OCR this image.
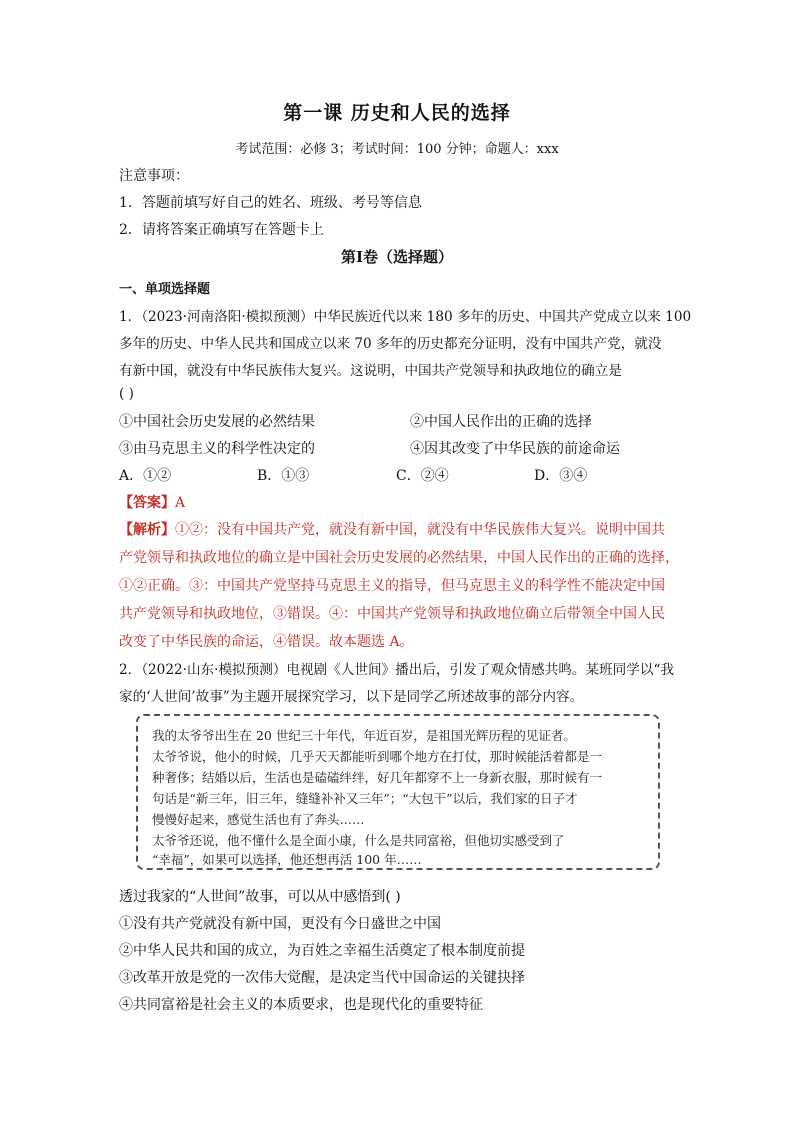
第一课 历史和人民的选择
考试范围：必修 3；考试时间：100 分钟；命题人：xxx
注意事项：
1．答题前填写好自己的姓名、班级、考号等信息
2．请将答案正确填写在答题卡上
第Ⅰ卷（选择题）
一、单项选择题
1．（2023·河南洛阳·模拟预测）中华民族近代以来 180 多年的历史、中国共产党成立以来 100
多年的历史、中华人民共和国成立以来 70 多年的历史都充分证明，没有中国共产党，就没
有新中国，就没有中华民族伟大复兴。这说明，中国共产党领导和执政地位的确立是
( )
①中国社会历史发展的必然结果	②中国人民作出的正确的选择
③由马克思主义的科学性决定的	④因其改变了中华民族的前途命运
A．①②	B．①③	C．②④	D．③④
【答案】A
【解析】①②：没有中国共产党，就没有新中国，就没有中华民族伟大复兴。说明中国共
产党领导和执政地位的确立是中国社会历史发展的必然结果，中国人民作出的正确的选择，
①②正确。③：中国共产党坚持马克思主义的指导，但马克思主义的科学性不能决定中国
共产党领导和执政地位，③错误。④：中国共产党领导和执政地位确立后带领全中国人民
改变了中华民族的命运，④错误。故本题选 A。
2．（2022·山东·模拟预测）电视剧《人世间》播出后，引发了观众情感共鸣。某班同学以“我
家的‘人世间’故事”为主题开展探究学习，以下是同学乙所述故事的部分内容。
我的太爷爷出生在 20 世纪三十年代，年近百岁，是祖国光辉历程的见证者。
太爷爷说，他小的时候，几乎天天都能听到哪个地方在打仗，那时候能活着都是一
种奢侈；结婚以后，生活也是磕磕绊绊，好几年都穿不上一身新衣服，那时候有一
句话是“新三年，旧三年，缝缝补补又三年”；“大包干”以后，我们家的日子才
慢慢好起来，感觉生活也有了奔头……
太爷爷还说，他不懂什么是全面小康，什么是共同富裕，但他切实感受到了
“幸福”，如果可以选择，他还想再活 100 年……
透过我家的“人世间”故事，可以从中感悟到( )
①没有共产党就没有新中国，更没有今日盛世之中国
②中华人民共和国的成立，为百姓之幸福生活奠定了根本制度前提
③改革开放是党的一次伟大觉醒，是决定当代中国命运的关键抉择
④共同富裕是社会主义的本质要求，也是现代化的重要特征
